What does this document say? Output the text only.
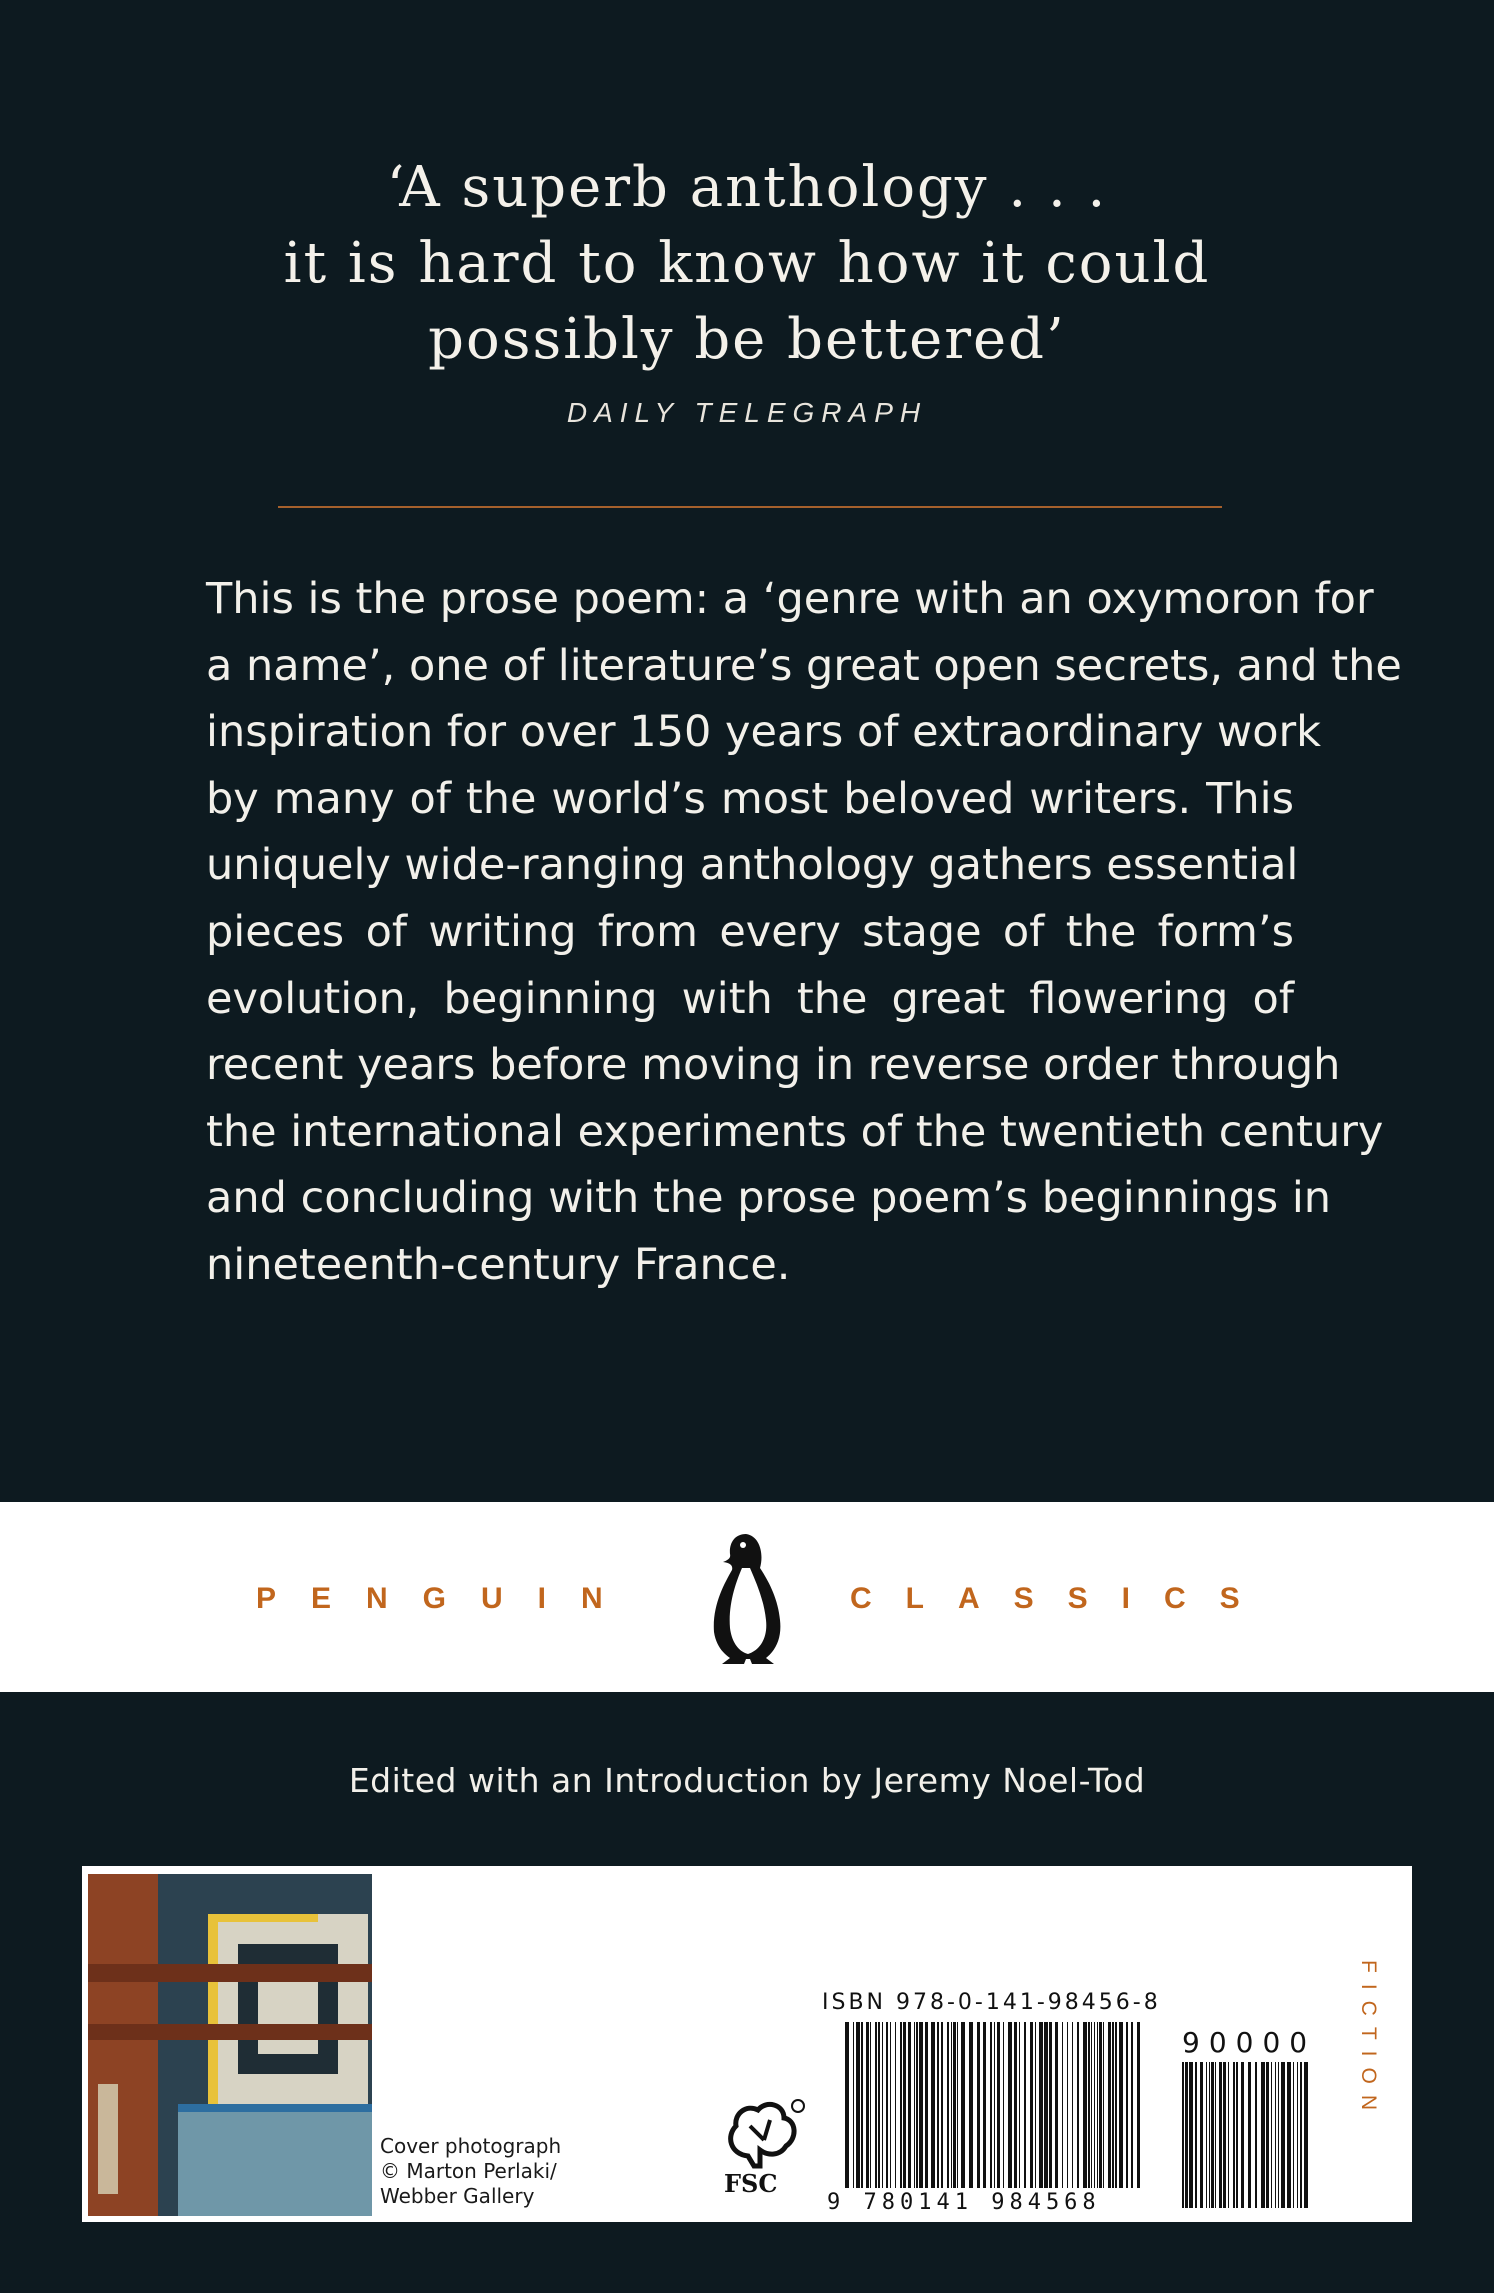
‘A superb anthology . . .
it is hard to know how it could
possibly be bettered’
DAILY TELEGRAPH
This is the prose poem: a ‘genre with an oxymoron for
a name’, one of literature’s great open secrets, and the
inspiration for over 150 years of extraordinary work
by many of the world’s most beloved writers. This
uniquely wide-ranging anthology gathers essential
pieces of writing from every stage of the form’s
evolution, beginning with the great flowering of
recent years before moving in reverse order through
the international experiments of the twentieth century
and concluding with the prose poem’s beginnings in
nineteenth-century France.
PENGUIN	CLASSICS
Edited with an Introduction by Jeremy Noel-Tod
Cover photograph
© Marton Perlaki/
Webber Gallery	FSC
ISBN 978-0-141-98456-8
9 780141 984568
90000	FICTION
